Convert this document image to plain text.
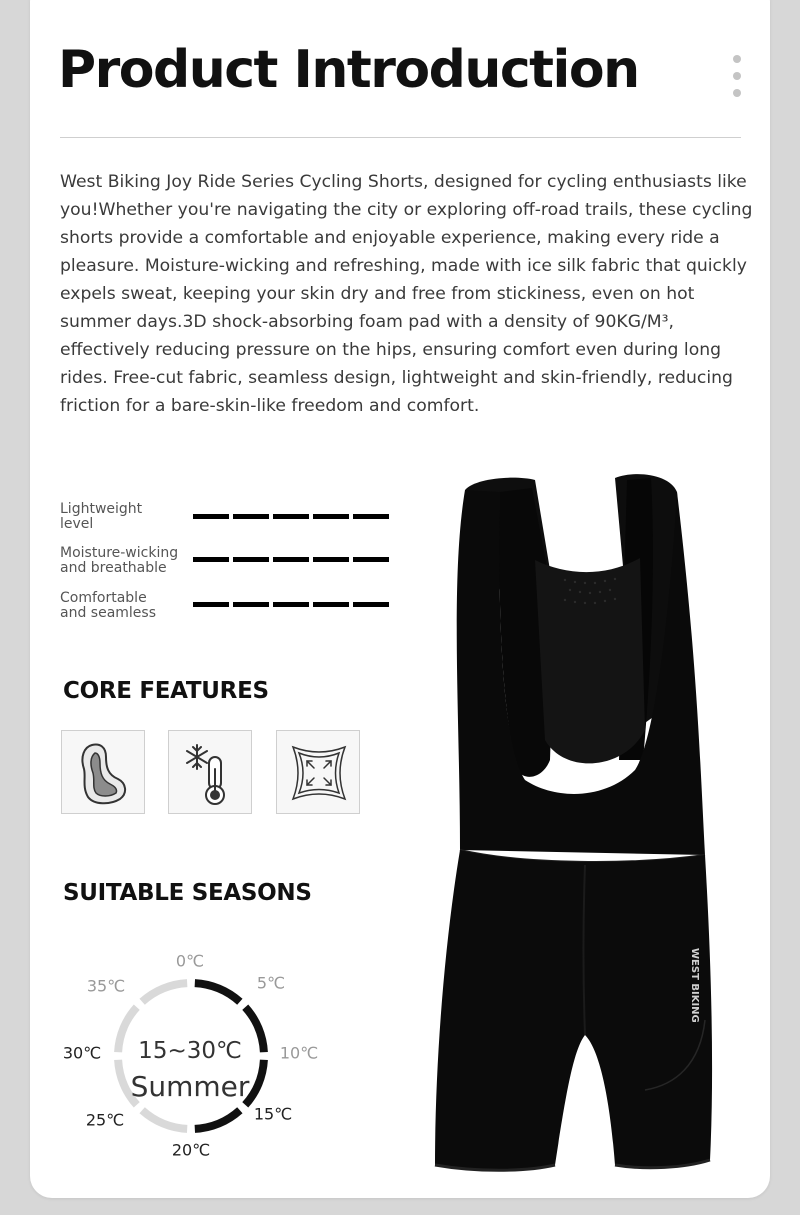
Product Introduction

West Biking Joy Ride Series Cycling Shorts, designed for cycling enthusiasts like you!Whether you're navigating the city or exploring off-road trails, these cycling shorts provide a comfortable and enjoyable experience, making every ride a pleasure. Moisture-wicking and refreshing, made with ice silk fabric that quickly expels sweat, keeping your skin dry and free from stickiness, even on hot summer days.3D shock-absorbing foam pad with a density of 90KG/M³, effectively reducing pressure on the hips, ensuring comfort even during long rides. Free-cut fabric, seamless design, lightweight and skin-friendly, reducing friction for a bare-skin-like freedom and comfort.

Lightweight
level
Moisture-wicking
and breathable
Comfortable
and seamless
CORE FEATURES
SUITABLE SEASONS
0℃
5℃
10℃
15℃
20℃
25℃
30℃
35℃
15~30℃
Summer
WEST BIKING
